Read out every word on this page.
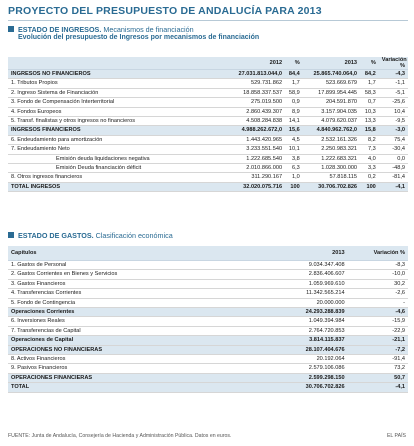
PROYECTO DEL PRESUPUESTO DE ANDALUCÍA PARA 2013
ESTADO DE INGRESOS. Mecanismos de financiación
Evolución del presupuesto de Ingresos por mecanismos de financiación
	2012	%	2013	%	Variación %
INGRESOS NO FINANCIEROS	27.031.813.044,0	84,4	25.865.740.064,0	84,2	-4,3
1. Tributos Propios	529.731.862	1,7	523.669.679	1,7	-1,1
2. Ingreso Sistema de Financiación	18.858.337.537	58,9	17.899.954.445	58,3	-5,1
3. Fondo de Compensación Interterritorial	275.019.500	0,9	204.591.870	0,7	-25,6
4. Fondos Europeos	2.860.439.307	8,9	3.157.904.035	10,3	10,4
5. Transf. finalistas y otros ingresos no financieros	4.508.284.838	14,1	4.079.620.037	13,3	-9,5
INGRESOS FINANCIEROS	4.988.262.672,0	15,6	4.840.962.762,0	15,8	-3,0
6. Endeudamiento para amortización	1.443.420.965	4,5	2.532.161.326	8,2	75,4
7. Endeudamiento Neto	3.233.551.540	10,1	2.250.983.321	7,3	-30,4
Emisión deuda liquidaciones negativa	1.222.685.540	3,8	1.222.683.321	4,0	0,0
Emisión Deuda financiación déficit	2.010.866.000	6,3	1.028.300.000	3,3	-48,9
8. Otros ingresos financieros	311.290.167	1,0	57.818.115	0,2	-81,4
TOTAL INGRESOS	32.020.075.716	100	30.706.702.826	100	-4,1
ESTADO DE GASTOS. Clasificación económica
Capítulos	2013	Variación %
1. Gastos de Personal	9.034.347.408	-8,3
2. Gastos Corrientes en Bienes y Servicios	2.836.406.607	-10,0
3. Gastos Financieros	1.059.969.610	30,2
4. Transferencias Corrientes	11.342.565.214	-2,6
5. Fondo de Contingencia	20.000.000	-
Operaciones Corrientes	24.293.288.839	-4,6
6. Inversiones Reales	1.049.394.984	-15,9
7. Transferencias de Capital	2.764.720.853	-22,9
Operaciones de Capital	3.814.115.837	-21,1
OPERACIONES NO FINANCIERAS	28.107.404.676	-7,2
8. Activos Financieros	20.192.064	-91,4
9. Pasivos Financieros	2.579.106.086	73,2
OPERACIONES FINANCIERAS	2.599.298.150	50,7
TOTAL	30.706.702.826	-4,1
FUENTE: Junta de Andalucía, Consejería de Hacienda y Administración Pública. Datos en euros.	EL PAÍS
